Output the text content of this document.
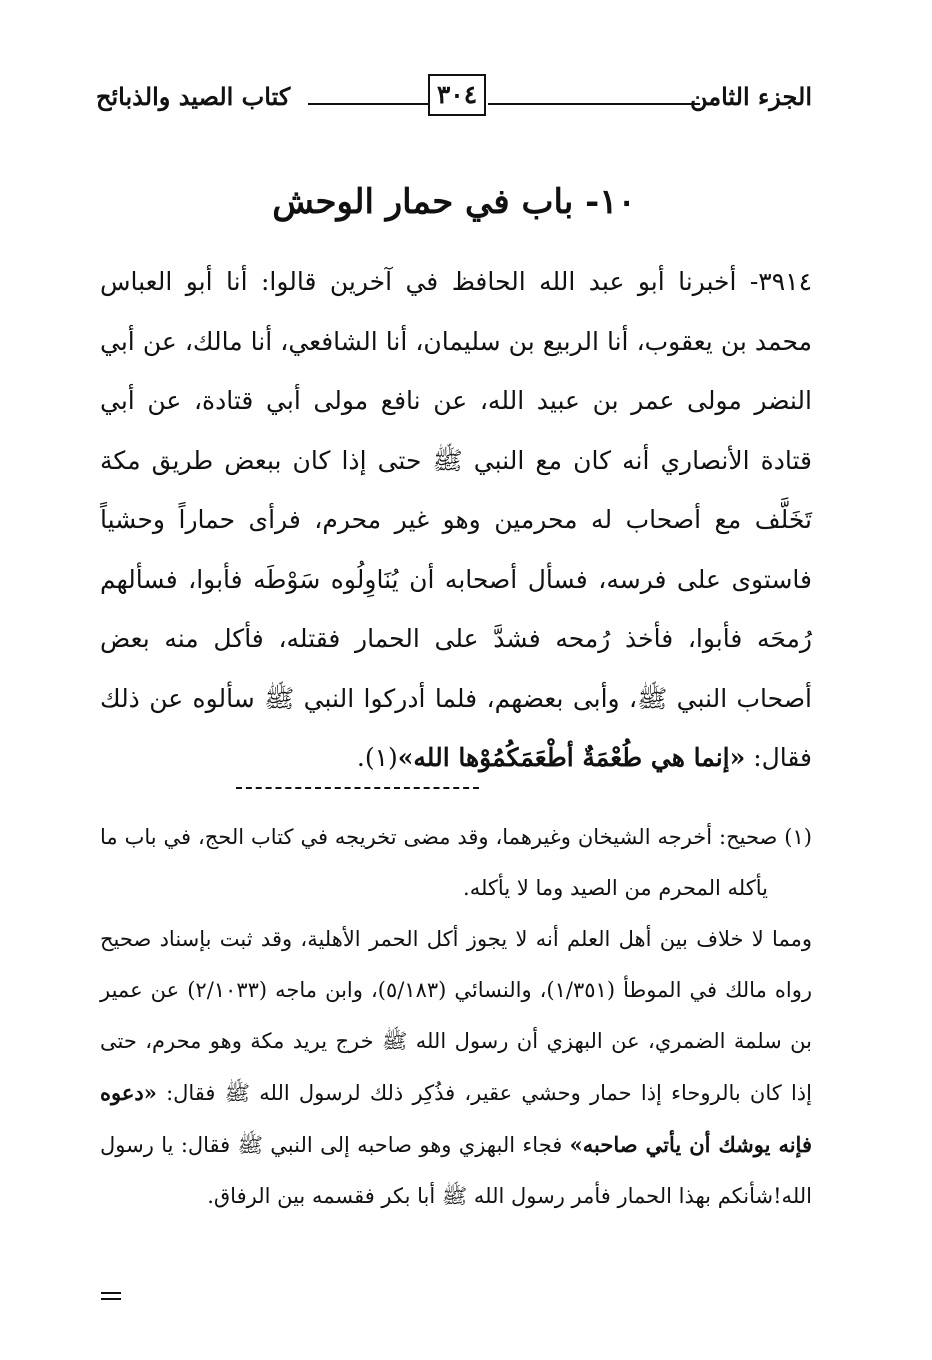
الجزء الثامن
٣٠٤
كتاب الصيد والذبائح
١٠- باب في حمار الوحش

٣٩١٤- أخبرنا أبو عبد الله الحافظ في آخرين قالوا: أنا أبو العباس محمد بن يعقوب، أنا الربيع بن سليمان، أنا الشافعي، أنا مالك، عن أبي النضر مولى عمر بن عبيد الله، عن نافع مولى أبي قتادة، عن أبي قتادة الأنصاري أنه كان مع النبي ﷺ حتى إذا كان ببعض طريق مكة تَخَلَّف مع أصحاب له محرمين وهو غير محرم، فرأى حماراً وحشياً فاستوى على فرسه، فسأل أصحابه أن يُنَاوِلُوه سَوْطَه فأبوا، فسألهم رُمحَه فأبوا، فأخذ رُمحه فشدَّ على الحمار فقتله، فأكل منه بعض أصحاب النبي ﷺ، وأبى بعضهم، فلما أدركوا النبي ﷺ سألوه عن ذلك فقال: «إنما هي طُعْمَةٌ أطْعَمَكُمُوْها الله»(١).

(١) صحيح: أخرجه الشيخان وغيرهما، وقد مضى تخريجه في كتاب الحج، في باب ما يأكله المحرم من الصيد وما لا يأكله.

ومما لا خلاف بين أهل العلم أنه لا يجوز أكل الحمر الأهلية، وقد ثبت بإسناد صحيح رواه مالك في الموطأ (١/٣٥١)، والنسائي (٥/١٨٣)، وابن ماجه (٢/١٠٣٣) عن عمير بن سلمة الضمري، عن البهزي أن رسول الله ﷺ خرج يريد مكة وهو محرم، حتى إذا كان بالروحاء إذا حمار وحشي عقير، فذُكِر ذلك لرسول الله ﷺ فقال: «دعوه فإنه يوشك أن يأتي صاحبه» فجاء البهزي وهو صاحبه إلى النبي ﷺ فقال: يا رسول الله!شأنكم بهذا الحمار فأمر رسول الله ﷺ أبا بكر فقسمه بين الرفاق.
